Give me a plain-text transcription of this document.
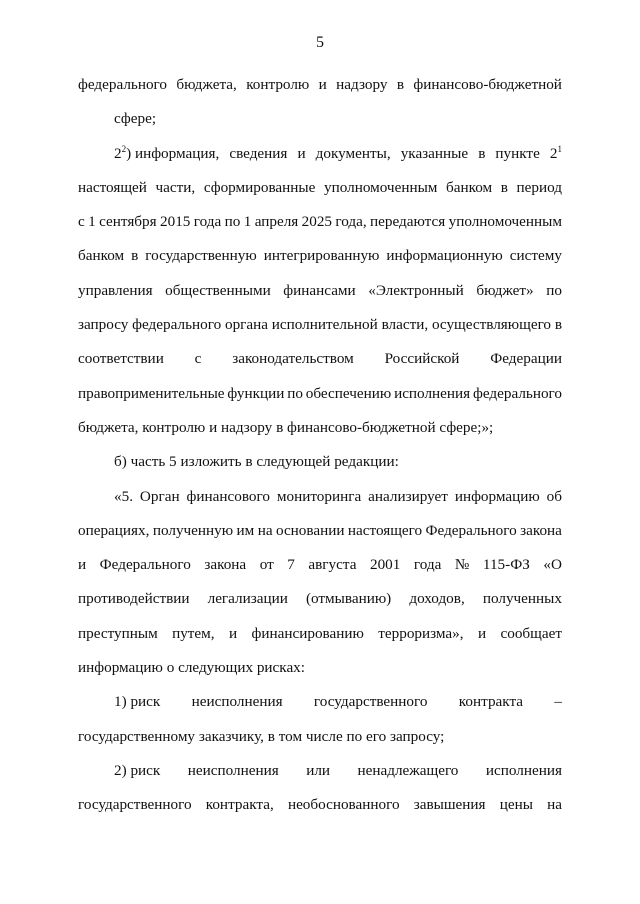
5
федерального бюджета, контролю и надзору в финансово-бюджетной
сфере;
$2^2$) информация, сведения и документы, указанные в пункте $2^1$
настоящей части, сформированные уполномоченным банком в период
с 1 сентября 2015 года по 1 апреля 2025 года, передаются уполномоченным
банком в государственную интегрированную информационную систему
управления общественными финансами «Электронный бюджет» по
запросу федерального органа исполнительной власти, осуществляющего в
соответствии с законодательством Российской Федерации
правоприменительные функции по обеспечению исполнения федерального
бюджета, контролю и надзору в финансово-бюджетной сфере;»;
б) часть 5 изложить в следующей редакции:
«5. Орган финансового мониторинга анализирует информацию об
операциях, полученную им на основании настоящего Федерального закона
и Федерального закона от 7 августа 2001 года № 115-ФЗ «О
противодействии легализации (отмыванию) доходов, полученных
преступным путем, и финансированию терроризма», и сообщает
информацию о следующих рисках:
1) риск неисполнения государственного контракта –
государственному заказчику, в том числе по его запросу;
2) риск неисполнения или ненадлежащего исполнения
государственного контракта, необоснованного завышения цены на
